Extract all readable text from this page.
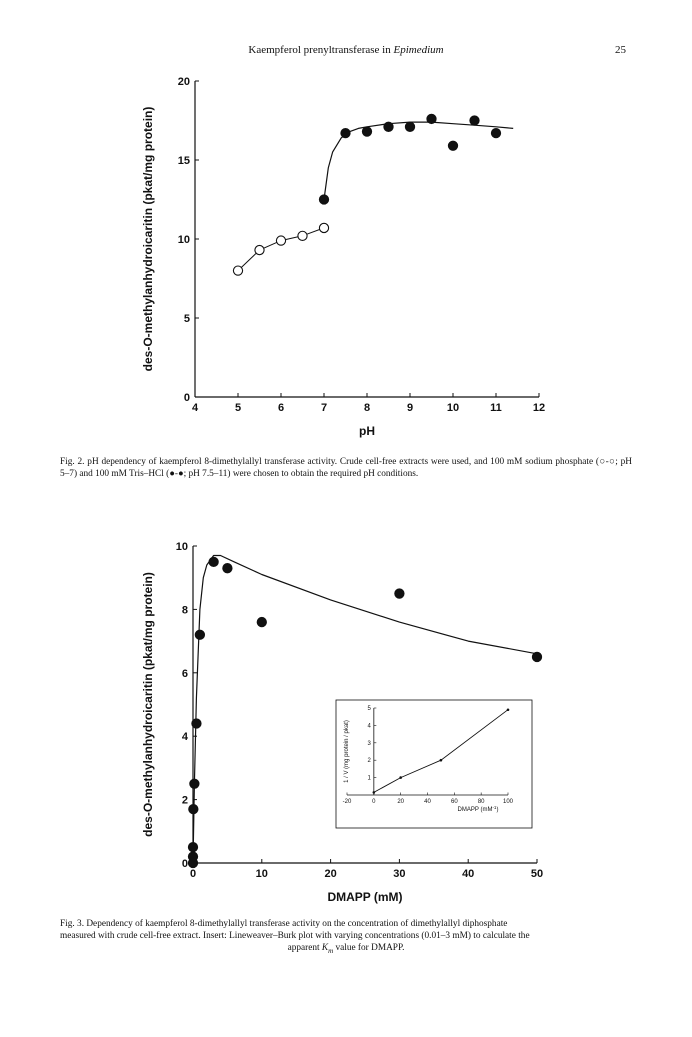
Kaempferol prenyltransferase in Epimedium	25
4	5	6	7	8	9	10	11	12
0
5
10
15
20
pH
des-O-methylanhydroicaritin (pkat/mg protein)
Fig. 2. pH dependency of kaempferol 8-dimethylallyl transferase activity. Crude cell-free extracts were used, and 100 mM sodium phosphate (○-○; pH 5–7) and 100 mM Tris–HCl (●-●; pH 7.5–11) were chosen to obtain the required pH conditions.
0	10	20	30	40	50
0
2
4
6
8
10
DMAPP (mM)
des-O-methylanhydroicaritin (pkat/mg protein)	-20	0	20	40	60	80	100
1
2
3
4
5
DMAPP $(mM^{-1})$
1 / V (mg protein / pkat)
Fig. 3. Dependency of kaempferol 8-dimethylallyl transferase activity on the concentration of dimethylallyl diphosphate
measured with crude cell-free extract. Insert: Lineweaver–Burk plot with varying concentrations (0.01–3 mM) to calculate the
apparent $K_m$ value for DMAPP.
